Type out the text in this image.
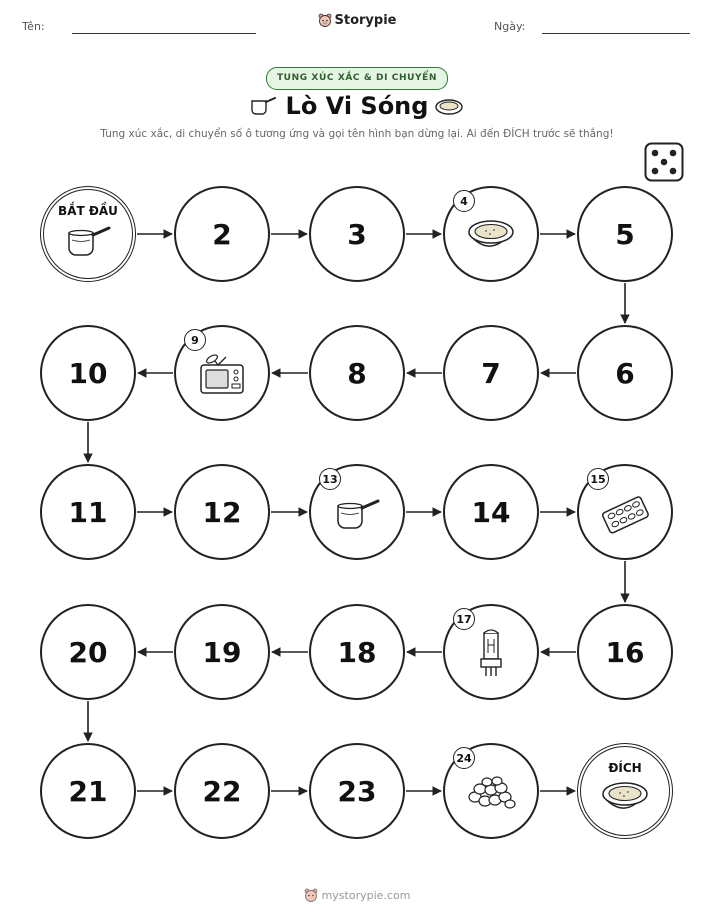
Tên:	Storypie	Ngày:
TUNG XÚC XẮC & DI CHUYỂN
Lò Vi Sóng
Tung xúc xắc, di chuyển số ô tương ứng và gọi tên hình bạn dừng lại. Ai đến ĐÍCH trước sẽ thắng!
BẮT ĐẦU
2	3
4
5
6
7
8
9
10
11	12
13
14
15
16
17
18
19
20
21	22	23
24
ĐÍCH
mystorypie.com
